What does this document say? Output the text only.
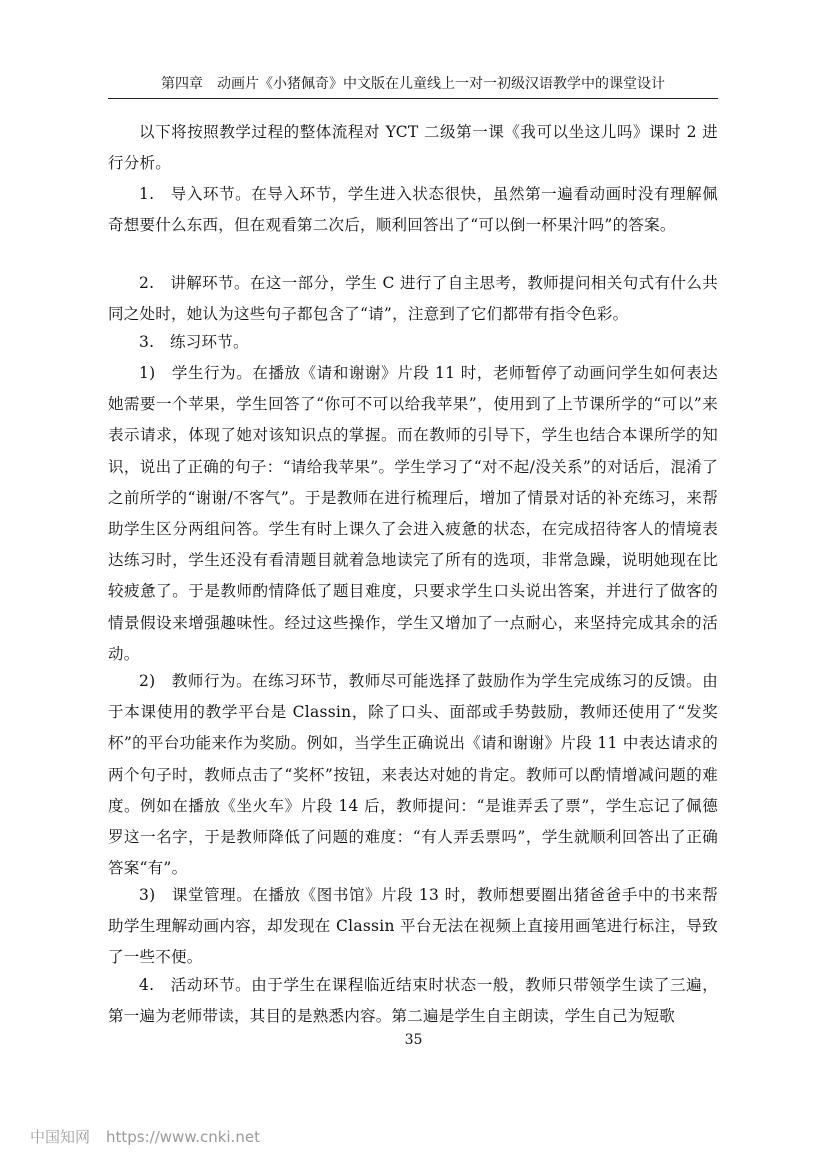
第四章　动画片《小猪佩奇》中文版在儿童线上一对一初级汉语教学中的课堂设计

以下将按照教学过程的整体流程对 YCT 二级第一课《我可以坐这儿吗》课时 2 进行分析。

1.　导入环节。在导入环节，学生进入状态很快，虽然第一遍看动画时没有理解佩奇想要什么东西，但在观看第二次后，顺利回答出了“可以倒一杯果汁吗”的答案。

2.　讲解环节。在这一部分，学生 C 进行了自主思考，教师提问相关句式有什么共同之处时，她认为这些句子都包含了“请”，注意到了它们都带有指令色彩。

3.　练习环节。

1)　学生行为。在播放《请和谢谢》片段 11 时，老师暂停了动画问学生如何表达她需要一个苹果，学生回答了“你可不可以给我苹果”，使用到了上节课所学的“可以”来表示请求，体现了她对该知识点的掌握。而在教师的引导下，学生也结合本课所学的知识，说出了正确的句子：“请给我苹果”。学生学习了“对不起/没关系”的对话后，混淆了之前所学的“谢谢/不客气”。于是教师在进行梳理后，增加了情景对话的补充练习，来帮助学生区分两组问答。学生有时上课久了会进入疲惫的状态，在完成招待客人的情境表达练习时，学生还没有看清题目就着急地读完了所有的选项，非常急躁，说明她现在比较疲惫了。于是教师酌情降低了题目难度，只要求学生口头说出答案，并进行了做客的情景假设来增强趣味性。经过这些操作，学生又增加了一点耐心，来坚持完成其余的活动。

2)　教师行为。在练习环节，教师尽可能选择了鼓励作为学生完成练习的反馈。由于本课使用的教学平台是 Classin，除了口头、面部或手势鼓励，教师还使用了“发奖杯”的平台功能来作为奖励。例如，当学生正确说出《请和谢谢》片段 11 中表达请求的两个句子时，教师点击了“奖杯”按钮，来表达对她的肯定。教师可以酌情增减问题的难度。例如在播放《坐火车》片段 14 后，教师提问：“是谁弄丢了票”，学生忘记了佩德罗这一名字，于是教师降低了问题的难度：“有人弄丢票吗”，学生就顺利回答出了正确答案“有”。

3)　课堂管理。在播放《图书馆》片段 13 时，教师想要圈出猪爸爸手中的书来帮助学生理解动画内容，却发现在 Classin 平台无法在视频上直接用画笔进行标注，导致了一些不便。

4.　活动环节。由于学生在课程临近结束时状态一般，教师只带领学生读了三遍，第一遍为老师带读，其目的是熟悉内容。第二遍是学生自主朗读，学生自己为短歌

35
中国知网 https://www.cnki.net
